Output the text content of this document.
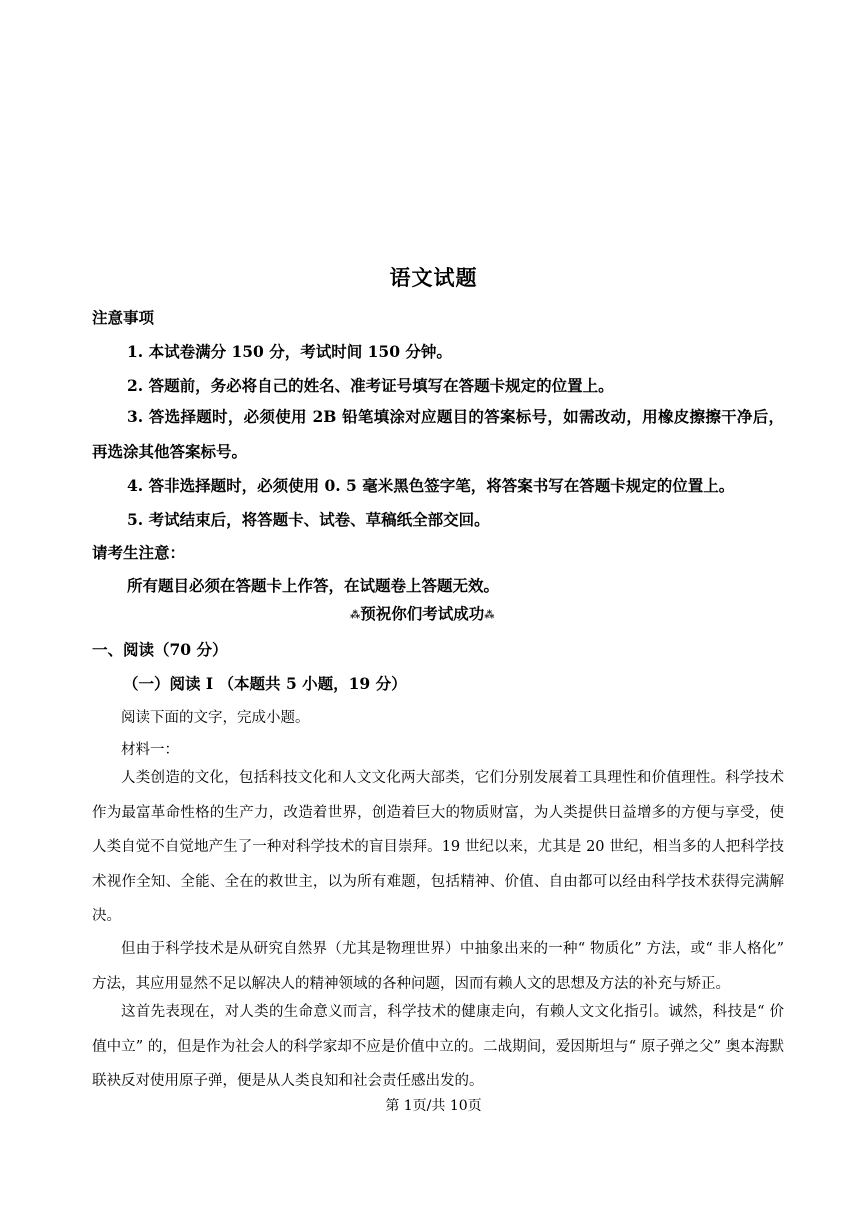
语文试题
注意事项
1. 本试卷满分 150 分，考试时间 150 分钟。
2. 答题前，务必将自己的姓名、准考证号填写在答题卡规定的位置上。
3. 答选择题时，必须使用 2B 铅笔填涂对应题目的答案标号，如需改动，用橡皮擦擦干净后，再选涂其他答案标号。
4. 答非选择题时，必须使用 0. 5 毫米黑色签字笔，将答案书写在答题卡规定的位置上。
5. 考试结束后，将答题卡、试卷、草稿纸全部交回。
请考生注意：
所有题目必须在答题卡上作答，在试题卷上答题无效。
⁂预祝你们考试成功⁂
一、阅读（70 分）
（一）阅读 Ⅰ （本题共 5 小题，19 分）
阅读下面的文字，完成小题。
材料一：
人类创造的文化，包括科技文化和人文文化两大部类，它们分别发展着工具理性和价值理性。科学技术作为最富革命性格的生产力，改造着世界，创造着巨大的物质财富，为人类提供日益增多的方便与享受，使人类自觉不自觉地产生了一种对科学技术的盲目崇拜。19 世纪以来，尤其是 20 世纪，相当多的人把科学技术视作全知、全能、全在的救世主，以为所有难题，包括精神、价值、自由都可以经由科学技术获得完满解决。
但由于科学技术是从研究自然界（尤其是物理世界）中抽象出来的一种“ 物质化” 方法，或“ 非人格化” 方法，其应用显然不足以解决人的精神领域的各种问题，因而有赖人文的思想及方法的补充与矫正。
这首先表现在，对人类的生命意义而言，科学技术的健康走向，有赖人文文化指引。诚然，科技是“ 价值中立” 的，但是作为社会人的科学家却不应是价值中立的。二战期间，爱因斯坦与“ 原子弹之父” 奥本海默联袂反对使用原子弹，便是从人类良知和社会责任感出发的。
第 1页/共 10页
